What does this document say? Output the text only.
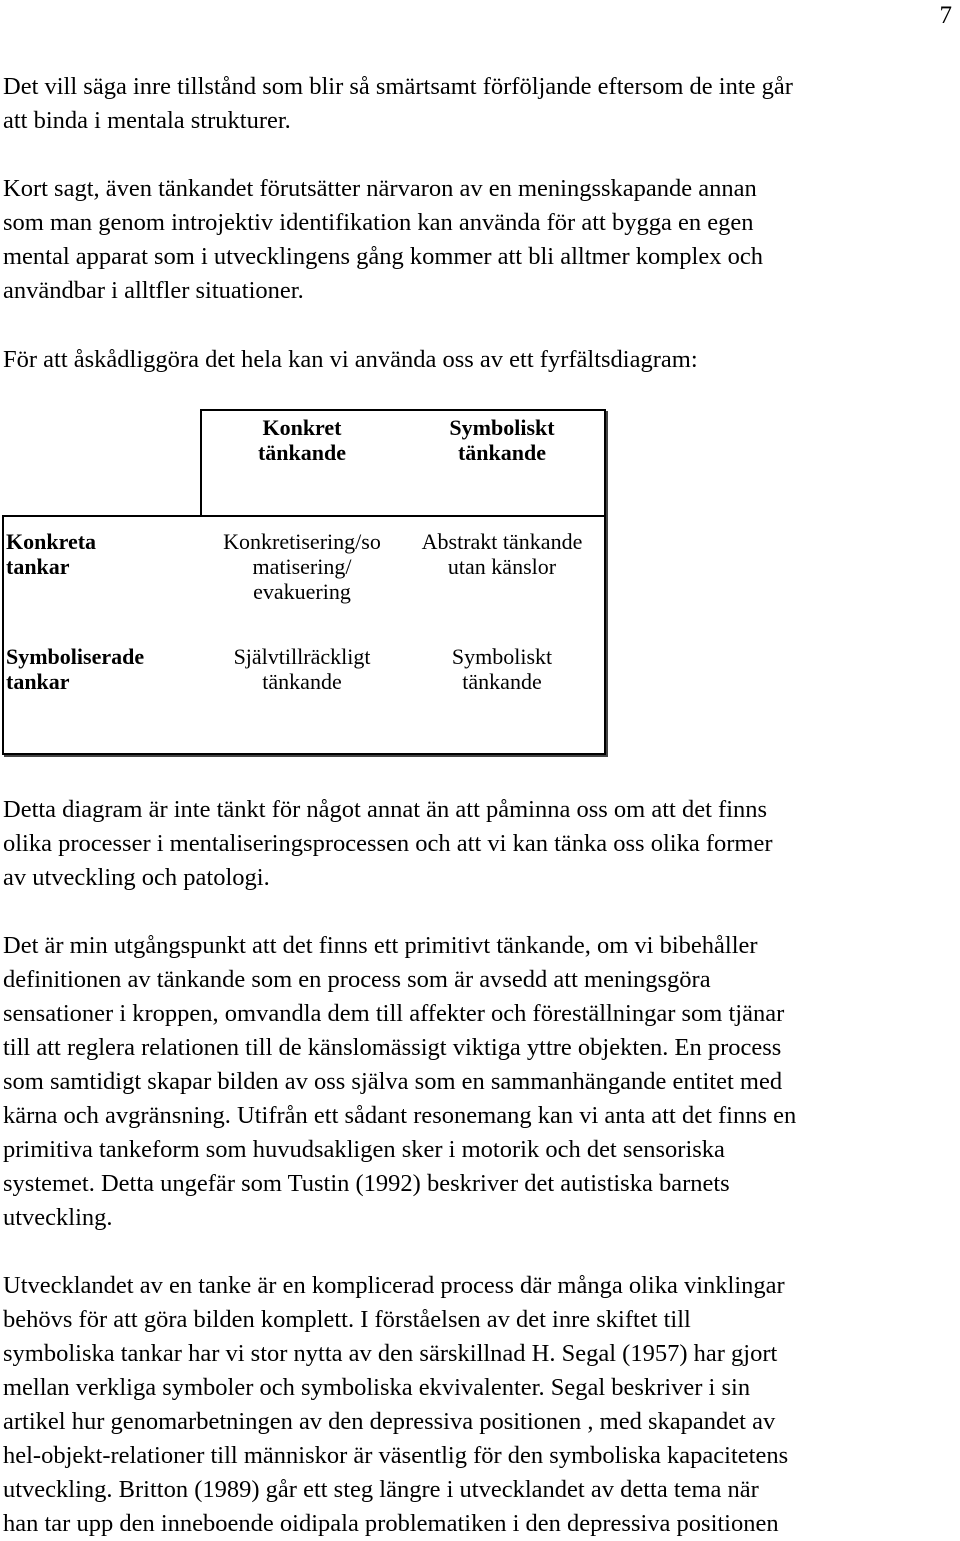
7

Det vill säga inre tillstånd som blir så smärtsamt förföljande eftersom de inte går
att binda i mentala strukturer.

Kort sagt, även tänkandet förutsätter närvaron av en meningsskapande annan
som man genom introjektiv identifikation kan använda för att bygga en egen
mental apparat som i utvecklingens gång kommer att bli alltmer komplex och
användbar i alltfler situationer.

För att åskådliggöra det hela kan vi använda oss av ett fyrfältsdiagram:

Konkret
tänkande
Symboliskt
tänkande
Konkreta
tankar
Symboliserade
tankar
Konkretisering/so
matisering/
evakuering
Abstrakt tänkande
utan känslor
Självtillräckligt
tänkande
Symboliskt
tänkande

Detta diagram är inte tänkt för något annat än att påminna oss om att det finns
olika processer i mentaliseringsprocessen och att vi kan tänka oss olika former
av utveckling och patologi.

Det är min utgångspunkt att det finns ett primitivt tänkande, om vi bibehåller
definitionen av tänkande som en process som är avsedd att meningsgöra
sensationer i kroppen, omvandla dem till affekter och föreställningar som tjänar
till att reglera relationen till de känslomässigt viktiga yttre objekten. En process
som samtidigt skapar bilden av oss själva som en sammanhängande entitet med
kärna och avgränsning. Utifrån ett sådant resonemang kan vi anta att det finns en
primitiva tankeform som huvudsakligen sker i motorik och det sensoriska
systemet. Detta ungefär som Tustin (1992) beskriver det autistiska barnets
utveckling.

Utvecklandet av en tanke är en komplicerad process där många olika vinklingar
behövs för att göra bilden komplett. I förståelsen av det inre skiftet till
symboliska tankar har vi stor nytta av den särskillnad H. Segal (1957) har gjort
mellan verkliga symboler och symboliska ekvivalenter. Segal beskriver i sin
artikel hur genomarbetningen av den depressiva positionen , med skapandet av
hel-objekt-relationer till människor är väsentlig för den symboliska kapacitetens
utveckling. Britton (1989) går ett steg längre i utvecklandet av detta tema när
han tar upp den inneboende oidipala problematiken i den depressiva positionen
